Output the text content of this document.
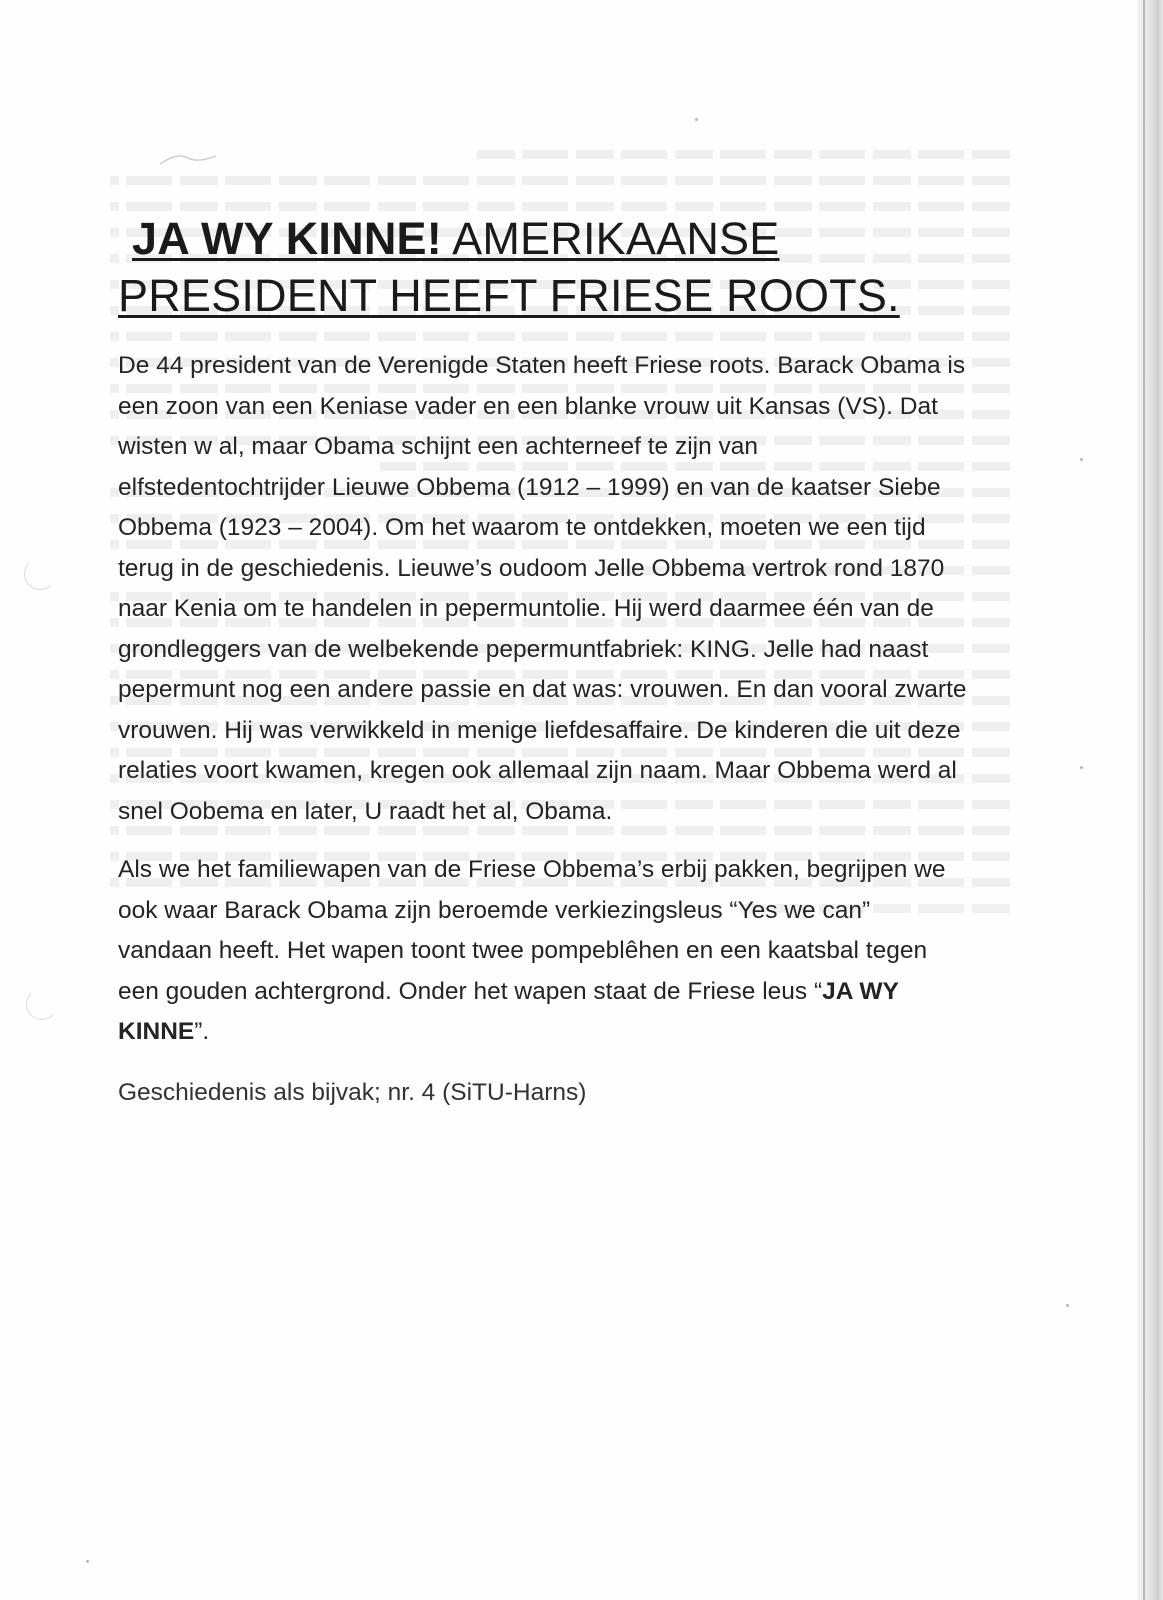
JA WY KINNE! AMERIKAANSE PRESIDENT HEEFT FRIESE ROOTS.

De 44 president van de Verenigde Staten heeft Friese roots. Barack Obama is een zoon van een Keniase vader en een blanke vrouw uit Kansas (VS). Dat wisten w al, maar Obama schijnt een achterneef te zijn van elfstedentochtrijder Lieuwe Obbema (1912 – 1999) en van de kaatser Siebe Obbema (1923 – 2004). Om het waarom te ontdekken, moeten we een tijd terug in de geschiedenis. Lieuwe’s oudoom Jelle Obbema vertrok rond 1870 naar Kenia om te handelen in pepermuntolie. Hij werd daarmee één van de grondleggers van de welbekende pepermuntfabriek: KING. Jelle had naast pepermunt nog een andere passie en dat was: vrouwen. En dan vooral zwarte vrouwen. Hij was verwikkeld in menige liefdesaffaire. De kinderen die uit deze relaties voort kwamen, kregen ook allemaal zijn naam. Maar Obbema werd al snel Oobema en later, U raadt het al, Obama.

Als we het familiewapen van de Friese Obbema’s erbij pakken, begrijpen we ook waar Barack Obama zijn beroemde verkiezingsleus “Yes we can” vandaan heeft. Het wapen toont twee pompeblêhen en een kaatsbal tegen een gouden achtergrond. Onder het wapen staat de Friese leus “JA WY KINNE”.

Geschiedenis als bijvak; nr. 4 (SiTU-Harns)
